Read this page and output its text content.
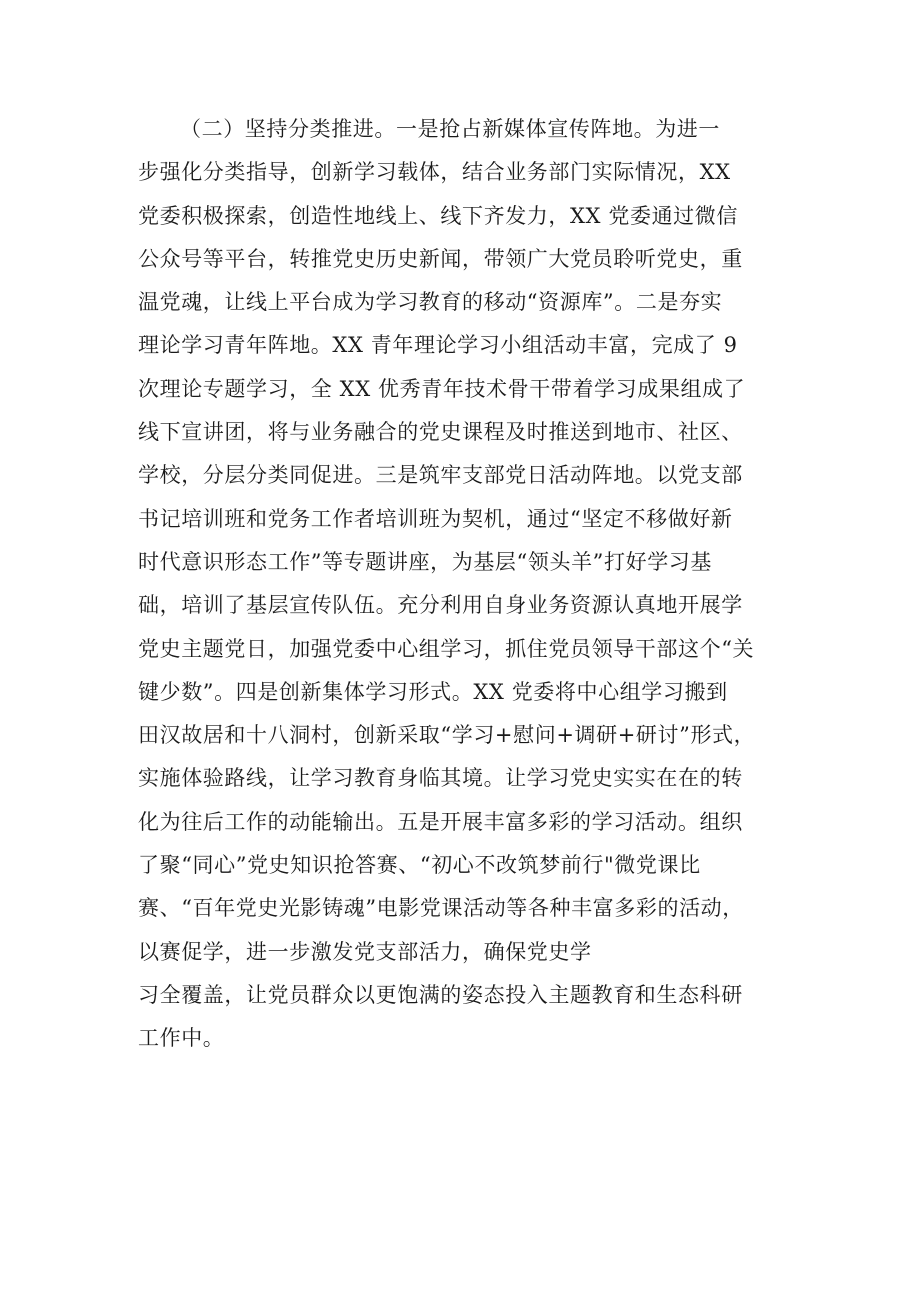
（二）坚持分类推进。一是抢占新媒体宣传阵地。为进一
步强化分类指导，创新学习载体，结合业务部门实际情况，XX
党委积极探索，创造性地线上、线下齐发力，XX 党委通过微信
公众号等平台，转推党史历史新闻，带领广大党员聆听党史，重
温党魂，让线上平台成为学习教育的移动“资源库”。二是夯实
理论学习青年阵地。XX 青年理论学习小组活动丰富，完成了 9
次理论专题学习，全 XX 优秀青年技术骨干带着学习成果组成了
线下宣讲团，将与业务融合的党史课程及时推送到地市、社区、
学校，分层分类同促进。三是筑牢支部党日活动阵地。以党支部
书记培训班和党务工作者培训班为契机，通过“坚定不移做好新
时代意识形态工作”等专题讲座，为基层“领头羊”打好学习基
础，培训了基层宣传队伍。充分利用自身业务资源认真地开展学
党史主题党日，加强党委中心组学习，抓住党员领导干部这个“关
键少数”。四是创新集体学习形式。XX 党委将中心组学习搬到
田汉故居和十八洞村，创新采取“学习+慰问+调研+研讨”形式，
实施体验路线，让学习教育身临其境。让学习党史实实在在的转
化为往后工作的动能输出。五是开展丰富多彩的学习活动。组织
了聚“同心”党史知识抢答赛、“初心不改筑梦前行"微党课比
赛、“百年党史光影铸魂”电影党课活动等各种丰富多彩的活动，
以赛促学，进一步激发党支部活力，确保党史学
习全覆盖，让党员群众以更饱满的姿态投入主题教育和生态科研
工作中。
